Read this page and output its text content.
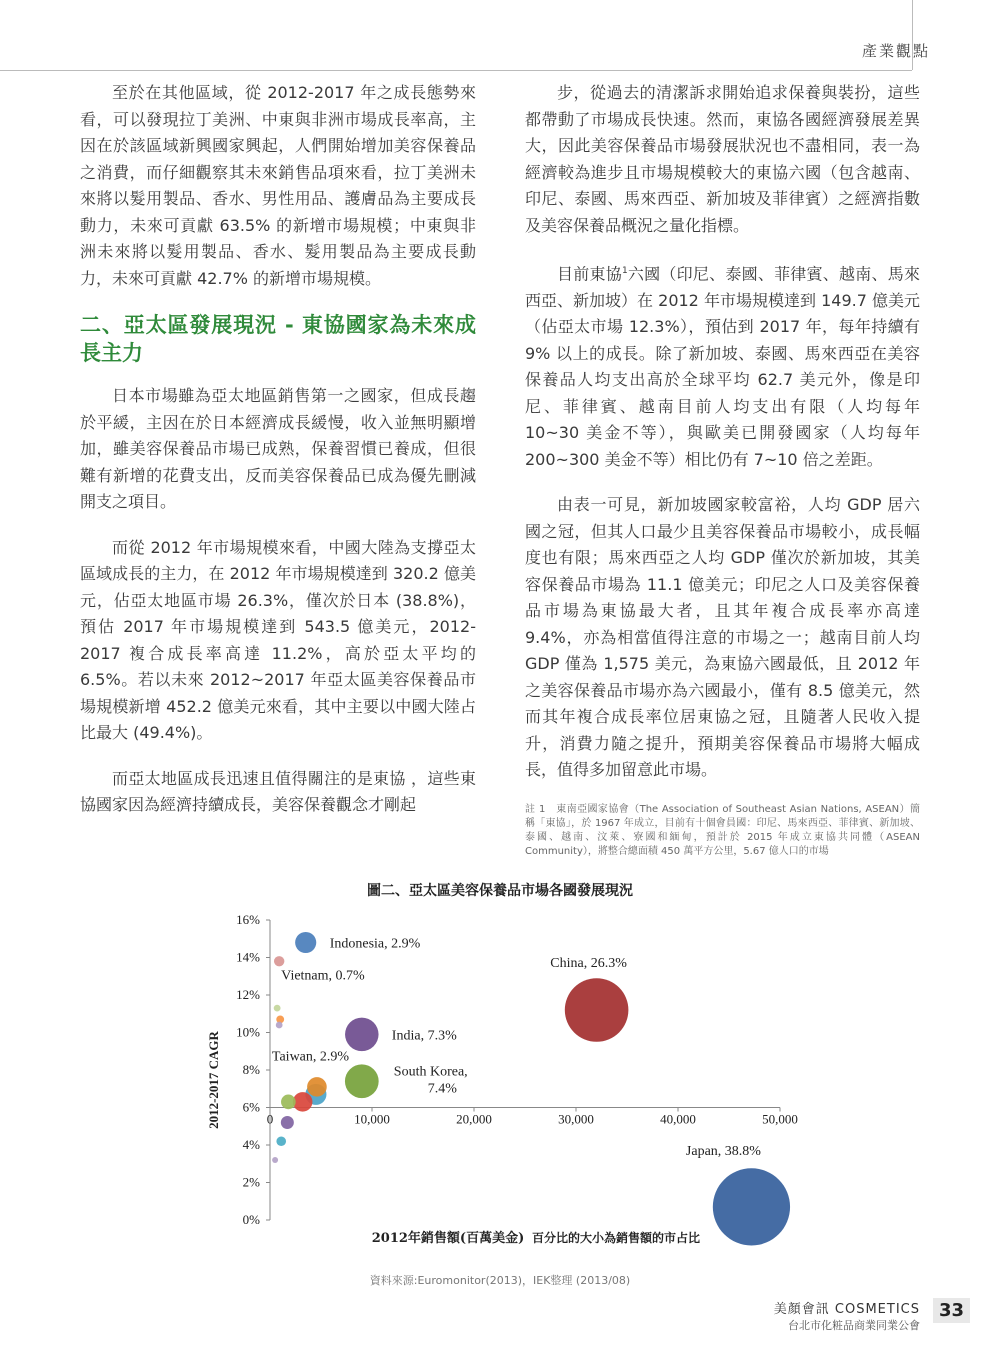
產業觀點

至於在其他區域，從 2012-2017 年之成長態勢來看，可以發現拉丁美洲、中東與非洲市場成長率高，主因在於該區域新興國家興起，人們開始增加美容保養品之消費，而仔細觀察其未來銷售品項來看，拉丁美洲未來將以髮用製品、香水、男性用品、護膚品為主要成長動力，未來可貢獻 63.5% 的新增市場規模；中東與非洲未來將以髮用製品、香水、髮用製品為主要成長動力，未來可貢獻 42.7% 的新增市場規模。

二、亞太區發展現況 - 東協國家為未來成長主力

日本市場雖為亞太地區銷售第一之國家，但成長趨於平緩，主因在於日本經濟成長緩慢，收入並無明顯增加，雖美容保養品市場已成熟，保養習慣已養成，但很難有新增的花費支出，反而美容保養品已成為優先刪減開支之項目。

而從 2012 年市場規模來看，中國大陸為支撐亞太區域成長的主力，在 2012 年市場規模達到 320.2 億美元，佔亞太地區市場 26.3%，僅次於日本 (38.8%)，預估 2017 年市場規模達到 543.5 億美元，2012-2017 複合成長率高達 11.2%，高於亞太平均的 6.5%。若以未來 2012~2017 年亞太區美容保養品市場規模新增 452.2 億美元來看，其中主要以中國大陸占比最大 (49.4%)。

而亞太地區成長迅速且值得關注的是東協 ，這些東協國家因為經濟持續成長，美容保養觀念才剛起

步，從過去的清潔訴求開始追求保養與裝扮，這些都帶動了市場成長快速。然而，東協各國經濟發展差異大，因此美容保養品市場發展狀況也不盡相同，表一為經濟較為進步且市場規模較大的東協六國（包含越南、印尼、泰國、馬來西亞、新加坡及菲律賓）之經濟指數及美容保養品概況之量化指標。

目前東協$^1$六國（印尼、泰國、菲律賓、越南、馬來西亞、新加坡）在 2012 年市場規模達到 149.7 億美元（佔亞太市場 12.3%），預估到 2017 年，每年持續有 9% 以上的成長。除了新加坡、泰國、馬來西亞在美容保養品人均支出高於全球平均 62.7 美元外，像是印尼、菲律賓、越南目前人均支出有限（人均每年 10~30 美金不等），與歐美已開發國家（人均每年 200~300 美金不等）相比仍有 7~10 倍之差距。

由表一可見，新加坡國家較富裕，人均 GDP 居六國之冠，但其人口最少且美容保養品市場較小，成長幅度也有限；馬來西亞之人均 GDP 僅次於新加坡，其美容保養品市場為 11.1 億美元；印尼之人口及美容保養品市場為東協最大者，且其年複合成長率亦高達 9.4%，亦為相當值得注意的市場之一；越南目前人均 GDP 僅為 1,575 美元，為東協六國最低，且 2012 年之美容保養品市場亦為六國最小，僅有 8.5 億美元，然而其年複合成長率位居東協之冠，且隨著人民收入提升，消費力隨之提升，預期美容保養品市場將大幅成長，值得多加留意此市場。

註 1　東南亞國家協會（The Association of Southeast Asian Nations, ASEAN）簡稱「東協」，於 1967 年成立，目前有十個會員國：印尼、馬來西亞、菲律賓、新加坡、泰國、越南、汶萊、寮國和緬甸，預計於 2015 年成立東協共同體（ASEAN Community），將整合總面積 450 萬平方公里，5.67 億人口的市場
圖二、亞太區美容保養品市場各國發展現況
0%
2%
4%
6%
8%
10%
12%
14%
16%
0	10,000	20,000	30,000	40,000	50,000
Indonesia, 2.9%
Vietnam, 0.7%
China, 26.3%
India, 7.3%
Taiwan, 2.9%
South Korea,
7.4%
Japan, 38.8%
2012-2017 CAGR
2012年銷售額(百萬美金) 百分比的大小為銷售額的市占比
資料來源:Euromonitor(2013)，IEK整理 (2013/08)
美顏會訊 COSMETICS
台北市化粧品商業同業公會
33
